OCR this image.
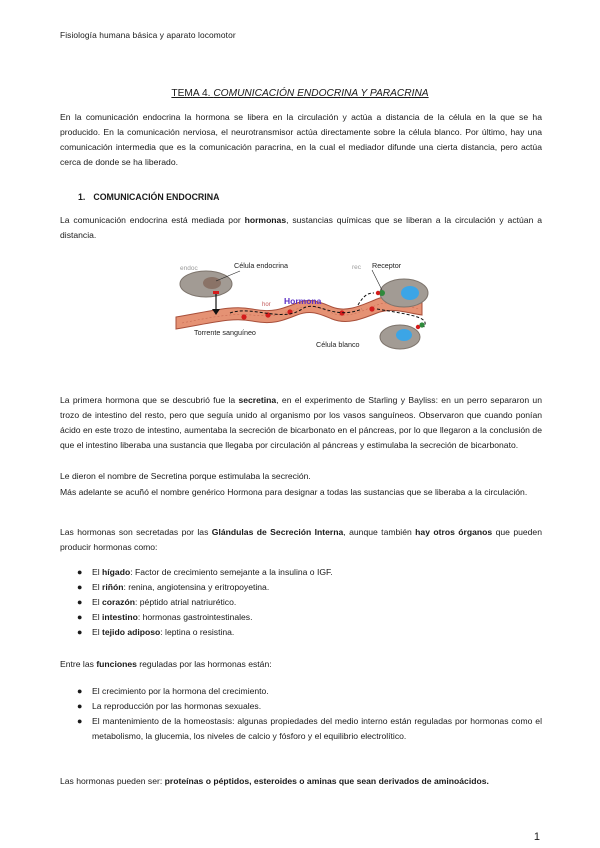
Fisiología humana básica y aparato locomotor
TEMA 4. COMUNICACIÓN ENDOCRINA Y PARACRINA
En la comunicación endocrina la hormona se libera en la circulación y actúa a distancia de la célula en la que se ha producido. En la comunicación nerviosa, el neurotransmisor actúa directamente sobre la célula blanco. Por último, hay una comunicación intermedia que es la comunicación paracrina, en la cual el mediador difunde una cierta distancia, pero actúa cerca de donde se ha liberado.
1. COMUNICACIÓN ENDOCRINA
La comunicación endocrina está mediada por hormonas, sustancias químicas que se liberan a la circulación y actúan a distancia.
endoc
hor
rec
Célula endocrina
Hormona
Receptor
Torrente sanguíneo
Célula blanco
La primera hormona que se descubrió fue la secretina, en el experimento de Starling y Bayliss: en un perro separaron un trozo de intestino del resto, pero que seguía unido al organismo por los vasos sanguíneos. Observaron que cuando ponían ácido en este trozo de intestino, aumentaba la secreción de bicarbonato en el páncreas, por lo que llegaron a la conclusión de que el intestino liberaba una sustancia que llegaba por circulación al páncreas y estimulaba la secreción de bicarbonato.
Le dieron el nombre de Secretina porque estimulaba la secreción.
Más adelante se acuñó el nombre genérico Hormona para designar a todas las sustancias que se liberaba a la circulación.
Las hormonas son secretadas por las Glándulas de Secreción Interna, aunque también hay otros órganos que pueden producir hormonas como:
● El hígado: Factor de crecimiento semejante a la insulina o IGF.
● El riñón: renina, angiotensina y eritropoyetina.
● El corazón: péptido atrial natriurético.
● El intestino: hormonas gastrointestinales.
● El tejido adiposo: leptina o resistina.
Entre las funciones reguladas por las hormonas están:
● El crecimiento por la hormona del crecimiento.
● La reproducción por las hormonas sexuales.
● El mantenimiento de la homeostasis: algunas propiedades del medio interno están reguladas por hormonas como el metabolismo, la glucemia, los niveles de calcio y fósforo y el equilibrio electrolítico.
Las hormonas pueden ser: proteínas o péptidos, esteroides o aminas que sean derivados de aminoácidos.
1
